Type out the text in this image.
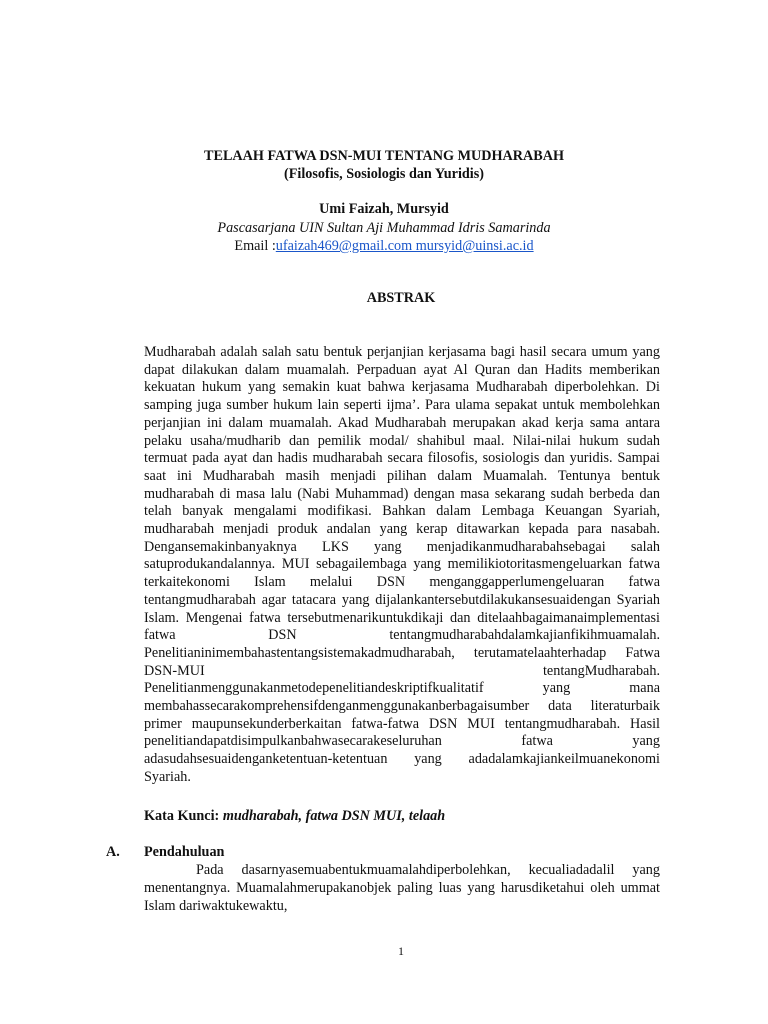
TELAAH FATWA DSN-MUI TENTANG MUDHARABAH
(Filosofis, Sosiologis dan Yuridis)
Umi Faizah, Mursyid
Pascasarjana UIN Sultan Aji Muhammad Idris Samarinda
Email :ufaizah469@gmail.com mursyid@uinsi.ac.id
ABSTRAK
Mudharabah adalah salah satu bentuk perjanjian kerjasama bagi hasil secara umum yang dapat dilakukan dalam muamalah. Perpaduan ayat Al Quran dan Hadits memberikan kekuatan hukum yang semakin kuat bahwa kerjasama Mudharabah diperbolehkan. Di samping juga sumber hukum lain seperti ijma’. Para ulama sepakat untuk membolehkan perjanjian ini dalam muamalah. Akad Mudharabah merupakan akad kerja sama antara pelaku usaha/mudharib dan pemilik modal/ shahibul maal. Nilai-nilai hukum sudah termuat pada ayat dan hadis mudharabah secara filosofis, sosiologis dan yuridis. Sampai saat ini Mudharabah masih menjadi pilihan dalam Muamalah. Tentunya bentuk mudharabah di masa lalu (Nabi Muhammad) dengan masa sekarang sudah berbeda dan telah banyak mengalami modifikasi. Bahkan dalam Lembaga Keuangan Syariah, mudharabah menjadi produk andalan yang kerap ditawarkan kepada para nasabah. Dengansemakinbanyaknya LKS yang menjadikanmudharabahsebagai salah satuprodukandalannya. MUI sebagailembaga yang memilikiotoritasmengeluarkan fatwa terkaitekonomi Islam melalui DSN menganggapperlumengeluaran fatwa tentangmudharabah agar tatacara yang dijalankantersebutdilakukansesuaidengan Syariah Islam. Mengenai fatwa tersebutmenarikuntukdikaji dan ditelaahbagaimanaimplementasi fatwa DSN tentangmudharabahdalamkajianfikihmuamalah. Penelitianinimembahastentangsistemakadmudharabah, terutamatelaahterhadap Fatwa DSN-MUI tentangMudharabah. Penelitianmenggunakanmetodepenelitiandeskriptifkualitatif yang mana membahassecarakomprehensifdenganmenggunakanberbagaisumber data literaturbaik primer maupunsekunderberkaitan fatwa-fatwa DSN MUI tentangmudharabah. Hasil penelitiandapatdisimpulkanbahwasecarakeseluruhan fatwa yang adasudahsesuaidenganketentuan-ketentuan yang adadalamkajiankeilmuanekonomi Syariah.
Kata Kunci: mudharabah, fatwa DSN MUI, telaah
A. Pendahuluan
Pada dasarnyasemuabentukmuamalahdiperbolehkan, kecualiadadalil yang menentangnya. Muamalahmerupakanobjek paling luas yang harusdiketahui oleh ummat Islam dariwaktukewaktu,
1
